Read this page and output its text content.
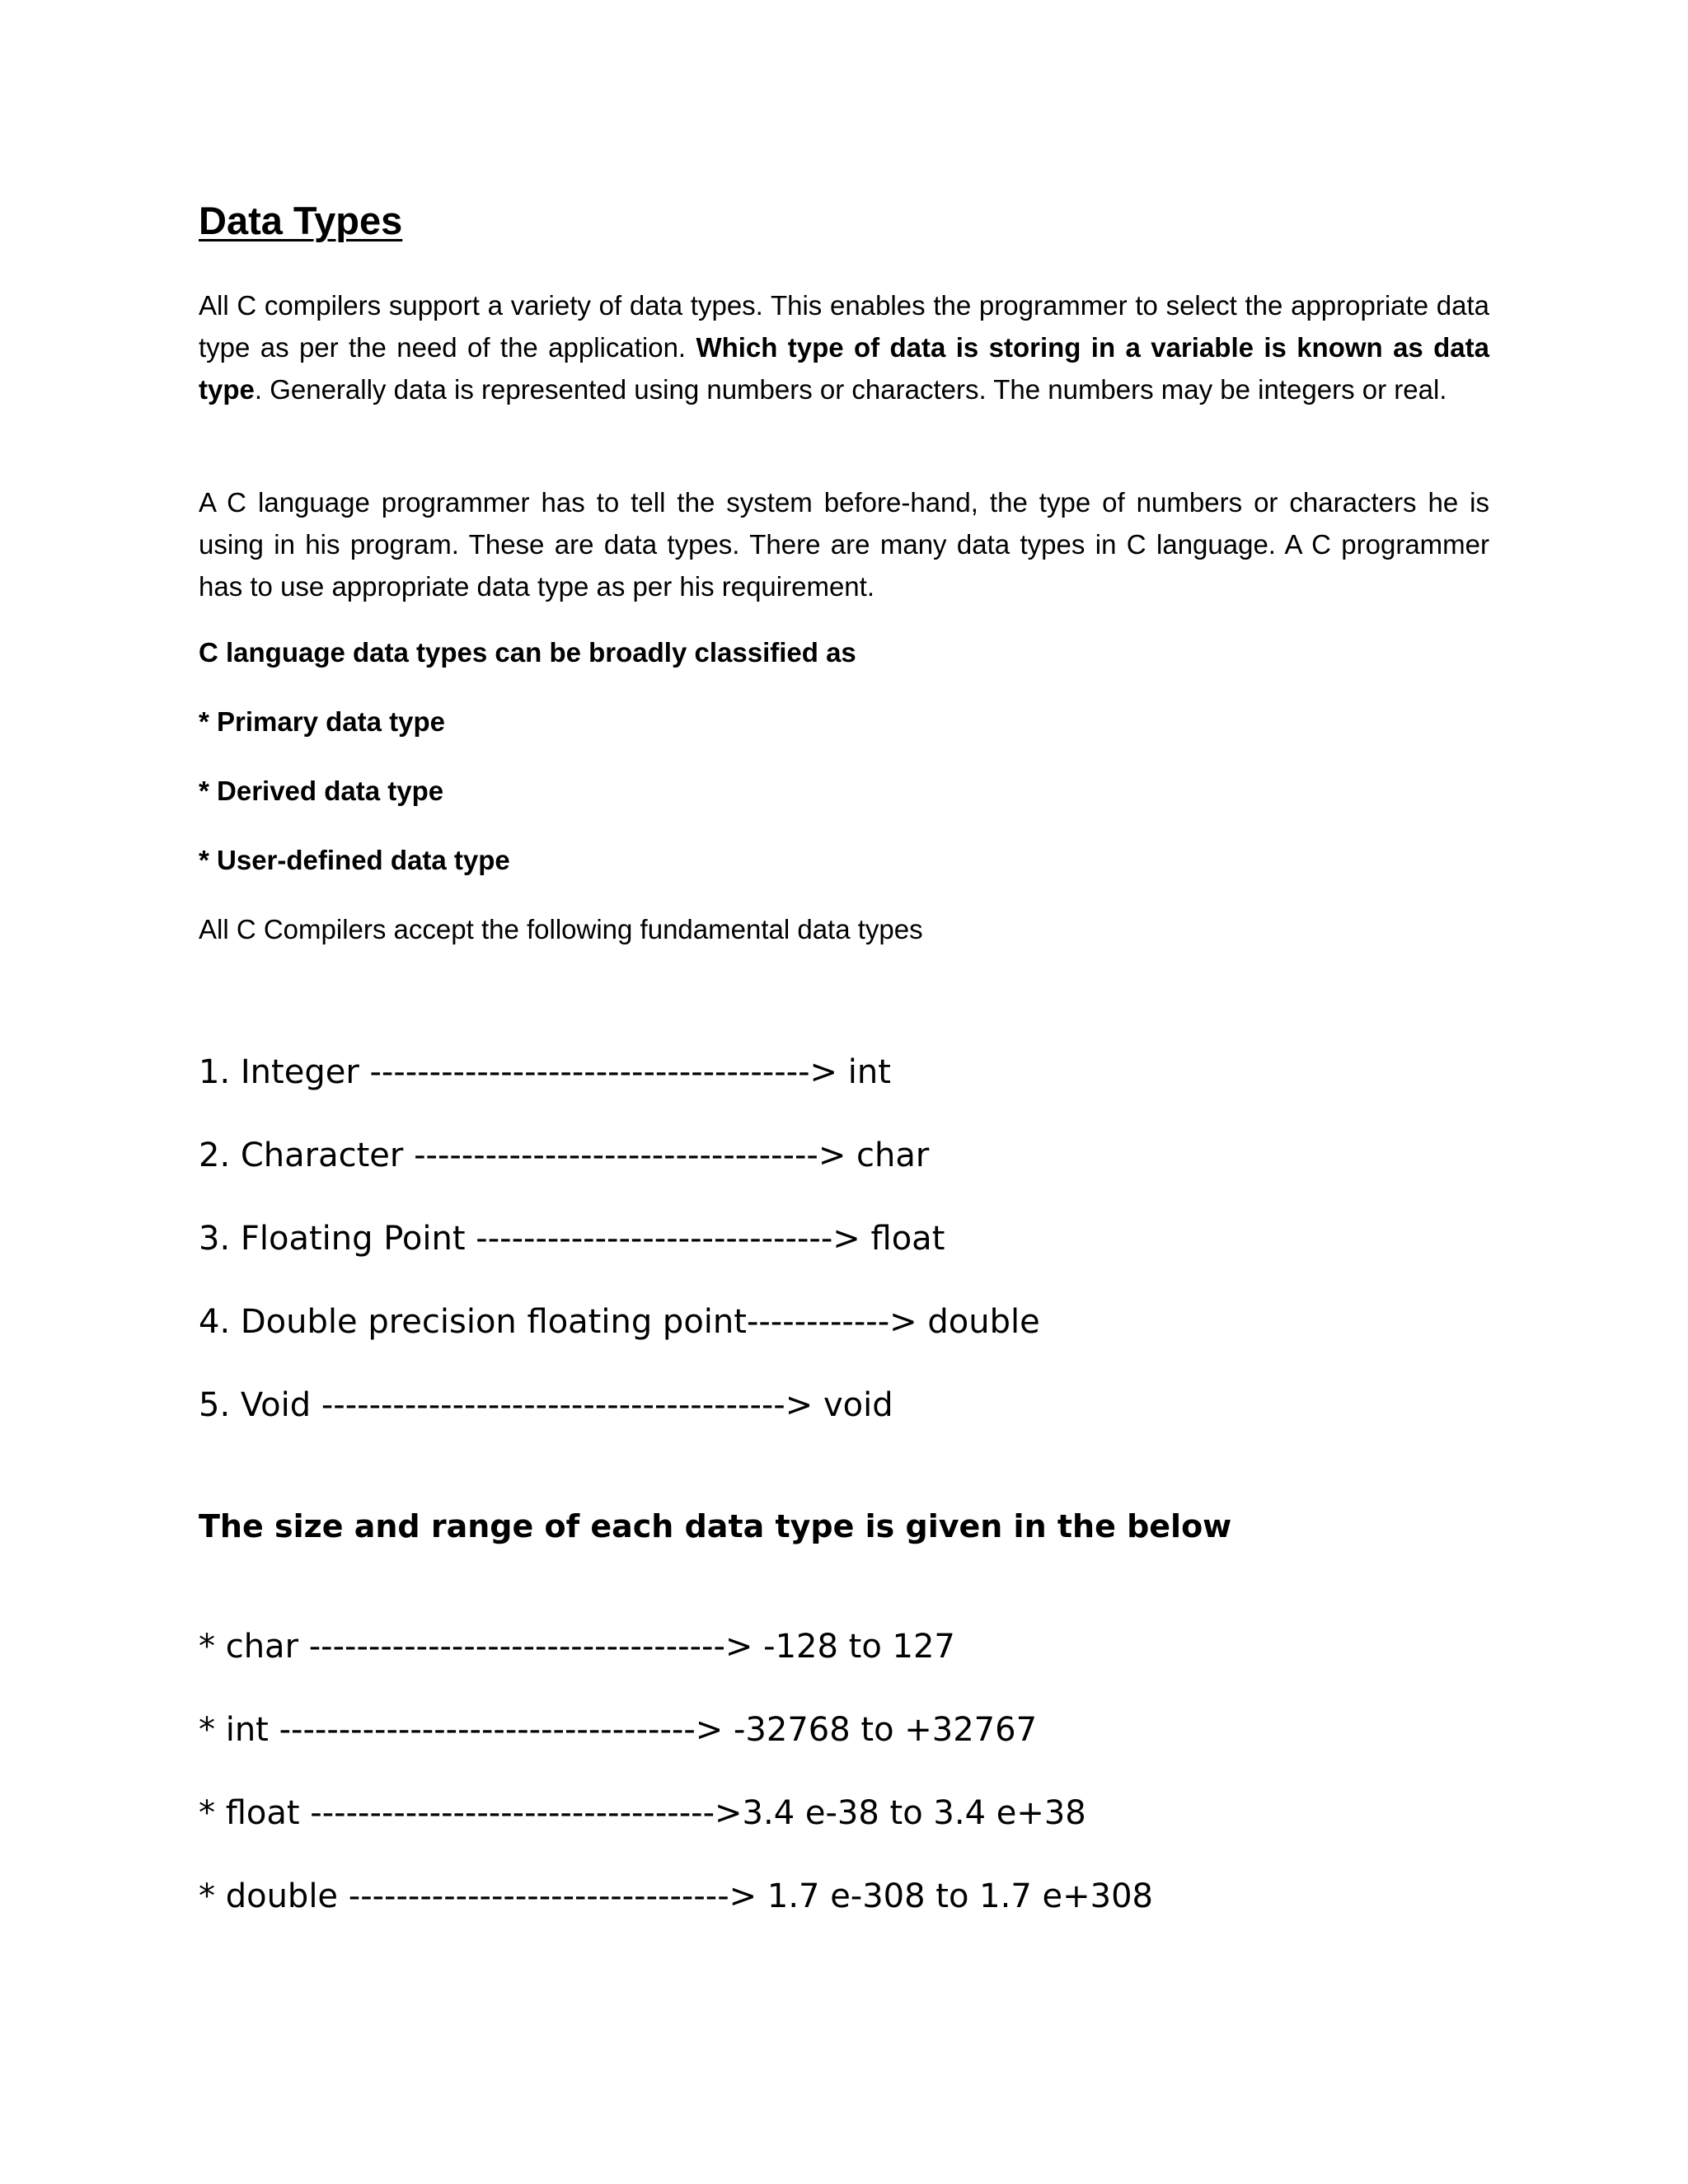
Data Types

All C compilers support a variety of data types. This enables the programmer to select the appropriate data type as per the need of the application. Which type of data is storing in a variable is known as data type. Generally data is represented using numbers or characters. The numbers may be integers or real.

A C language programmer has to tell the system before-hand, the type of numbers or characters he is using in his program. These are data types. There are many data types in C language. A C programmer has to use appropriate data type as per his requirement.

C language data types can be broadly classified as

* Primary data type

* Derived data type

* User-defined data type

All C Compilers accept the following fundamental data types

1. Integer -------------------------------------> int

2. Character ----------------------------------> char

3. Floating Point ------------------------------> float

4. Double precision floating point------------> double

5. Void ---------------------------------------> void

The size and range of each data type is given in the below

* char -----------------------------------> -128 to 127

* int -----------------------------------> -32768 to +32767

* float ---------------------------------->3.4 e-38 to 3.4 e+38

* double --------------------------------> 1.7 e-308 to 1.7 e+308
